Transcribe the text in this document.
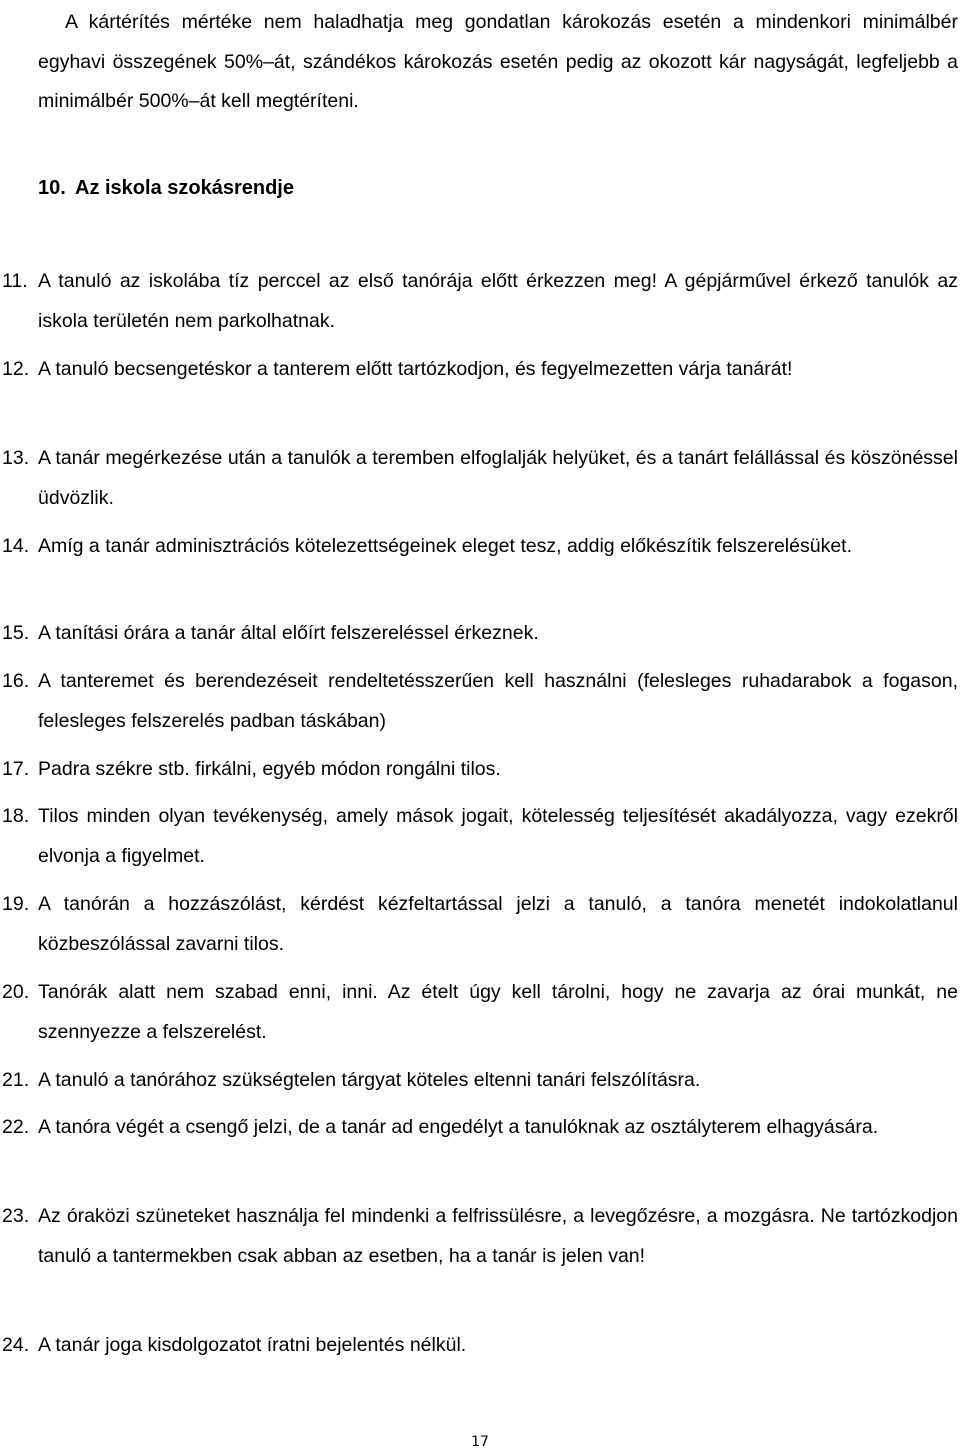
A kártérítés mértéke nem haladhatja meg gondatlan károkozás esetén a mindenkori minimálbér egyhavi összegének 50%–át, szándékos károkozás esetén pedig az okozott kár nagyságát, legfeljebb a minimálbér 500%–át kell megtéríteni.
10. Az iskola szokásrendje
11. A tanuló az iskolába tíz perccel az első tanórája előtt érkezzen meg! A gépjárművel érkező tanulók az iskola területén nem parkolhatnak.
12. A tanuló becsengetéskor a tanterem előtt tartózkodjon, és fegyelmezetten várja tanárát!
13. A tanár megérkezése után a tanulók a teremben elfoglalják helyüket, és a tanárt felállással és köszönéssel üdvözlik.
14. Amíg a tanár adminisztrációs kötelezettségeinek eleget tesz, addig előkészítik felszerelésüket.
15. A tanítási órára a tanár által előírt felszereléssel érkeznek.
16. A tanteremet és berendezéseit rendeltetésszerűen kell használni (felesleges ruhadarabok a fogason, felesleges felszerelés padban táskában)
17. Padra székre stb. firkálni, egyéb módon rongálni tilos.
18. Tilos minden olyan tevékenység, amely mások jogait, kötelesség teljesítését akadályozza, vagy ezekről elvonja a figyelmet.
19. A tanórán a hozzászólást, kérdést kézfeltartással jelzi a tanuló, a tanóra menetét indokolatlanul közbeszólással zavarni tilos.
20. Tanórák alatt nem szabad enni, inni. Az ételt úgy kell tárolni, hogy ne zavarja az órai munkát, ne szennyezze a felszerelést.
21. A tanuló a tanórához szükségtelen tárgyat köteles eltenni tanári felszólításra.
22. A tanóra végét a csengő jelzi, de a tanár ad engedélyt a tanulóknak az osztályterem elhagyására.
23. Az óraközi szüneteket használja fel mindenki a felfrissülésre, a levegőzésre, a mozgásra. Ne tartózkodjon tanuló a tantermekben csak abban az esetben, ha a tanár is jelen van!
24. A tanár joga kisdolgozatot íratni bejelentés nélkül.
17
